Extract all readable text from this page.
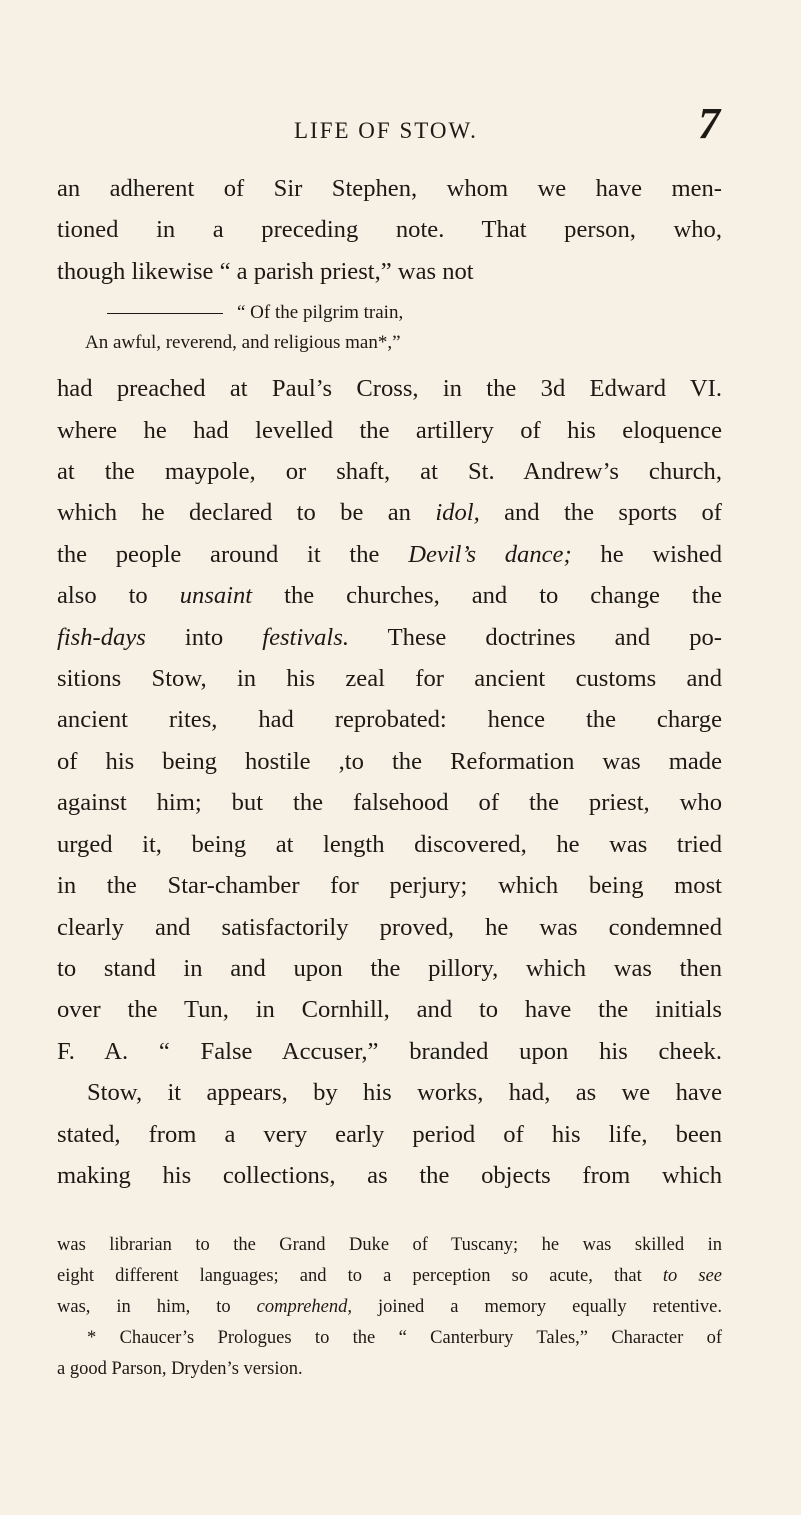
LIFE OF STOW.	7

an adherent of Sir Stephen, whom we have men-
tioned in a preceding note. That person, who,
though likewise “ a parish priest,” was not

“ Of the pilgrim train,
An awful, reverend, and religious man*,”

had preached at Paul’s Cross, in the 3d Edward VI.
where he had levelled the artillery of his eloquence
at the maypole, or shaft, at St. Andrew’s church,
which he declared to be an idol, and the sports of
the people around it the Devil’s dance; he wished
also to unsaint the churches, and to change the
fish-days into festivals. These doctrines and po-
sitions Stow, in his zeal for ancient customs and
ancient rites, had reprobated: hence the charge
of his being hostile ,to the Reformation was made
against him; but the falsehood of the priest, who
urged it, being at length discovered, he was tried
in the Star-chamber for perjury; which being most
clearly and satisfactorily proved, he was condemned
to stand in and upon the pillory, which was then
over the Tun, in Cornhill, and to have the initials
F. A. “ False Accuser,” branded upon his cheek.

Stow, it appears, by his works, had, as we have
stated, from a very early period of his life, been
making his collections, as the objects from which

was librarian to the Grand Duke of Tuscany; he was skilled in
eight different languages; and to a perception so acute, that to see
was, in him, to comprehend, joined a memory equally retentive.
* Chaucer’s Prologues to the “ Canterbury Tales,” Character of
a good Parson, Dryden’s version.
